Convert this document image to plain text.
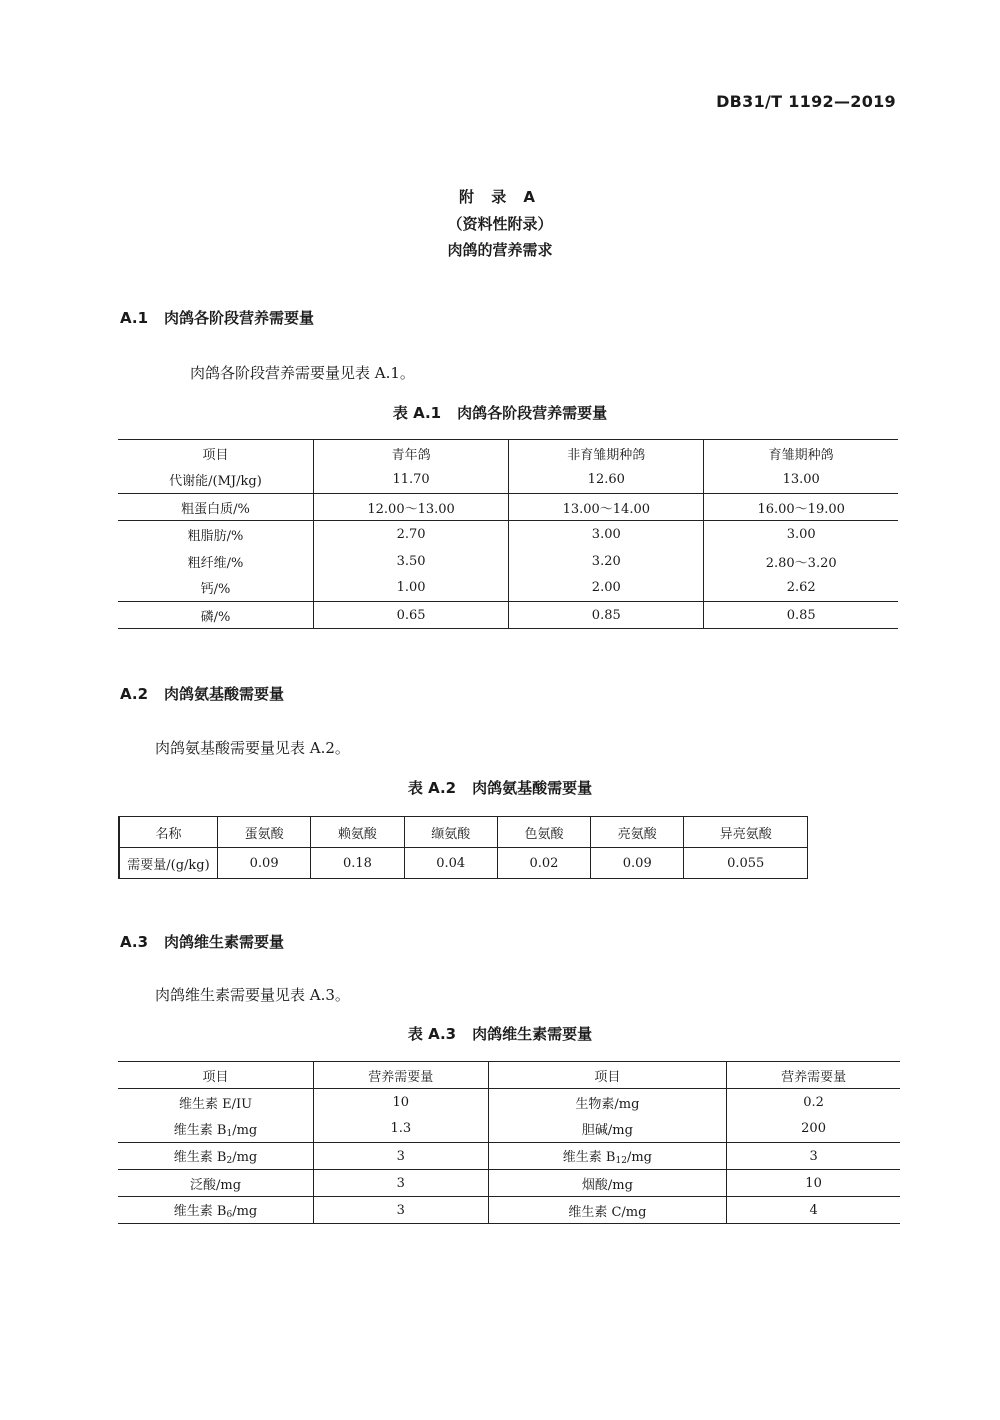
DB31/T 1192—2019
附 录 A
（资料性附录）
肉鸽的营养需求
A.1 肉鸽各阶段营养需要量
肉鸽各阶段营养需要量见表 A.1。
表 A.1 肉鸽各阶段营养需要量
项目	青年鸽	非育雏期种鸽	育雏期种鸽
代谢能/(MJ/kg)	11.70	12.60	13.00
粗蛋白质/%	12.00～13.00	13.00～14.00	16.00～19.00
粗脂肪/%	2.70	3.00	3.00
粗纤维/%	3.50	3.20	2.80～3.20
钙/%	1.00	2.00	2.62
磷/%	0.65	0.85	0.85
A.2 肉鸽氨基酸需要量
肉鸽氨基酸需要量见表 A.2。
表 A.2 肉鸽氨基酸需要量
名称	蛋氨酸	赖氨酸	缬氨酸	色氨酸	亮氨酸	异亮氨酸
需要量/(g/kg)	0.09	0.18	0.04	0.02	0.09	0.055
A.3 肉鸽维生素需要量
肉鸽维生素需要量见表 A.3。
表 A.3 肉鸽维生素需要量
项目	营养需要量	项目	营养需要量
维生素 E/IU	10	生物素/mg	0.2
维生素 $B_1/mg$	1.3	胆碱/mg	200
维生素 $B_2/mg$	3	维生素 $B_{12}/mg$	3
泛酸/mg	3	烟酸/mg	10
维生素 $B_6/mg$	3	维生素 C/mg	4
